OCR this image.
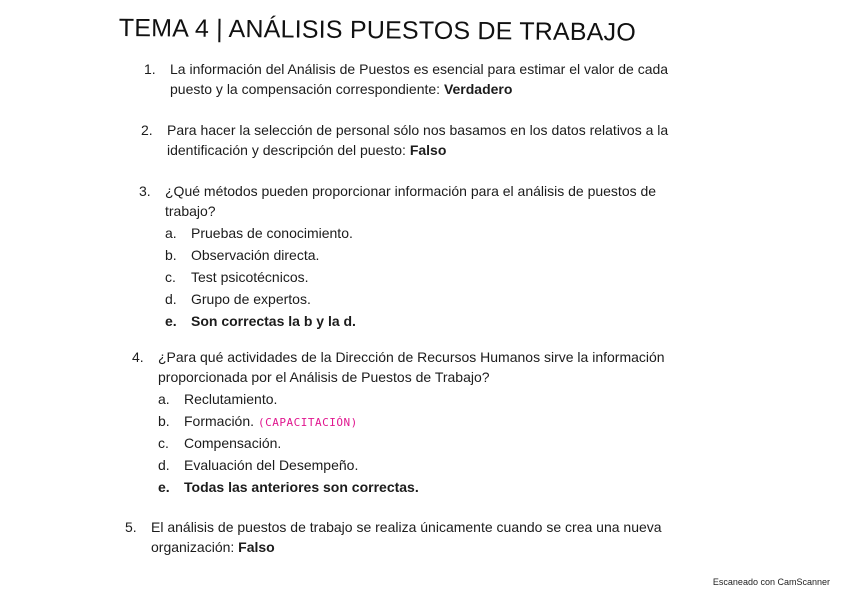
TEMA 4 | ANÁLISIS PUESTOS DE TRABAJO
1. La información del Análisis de Puestos es esencial para estimar el valor de cada
puesto y la compensación correspondiente: Verdadero
2. Para hacer la selección de personal sólo nos basamos en los datos relativos a la
identificación y descripción del puesto: Falso
3. ¿Qué métodos pueden proporcionar información para el análisis de puestos de
trabajo?
a. Pruebas de conocimiento.
b. Observación directa.
c. Test psicotécnicos.
d. Grupo de expertos.
e. Son correctas la b y la d.
4. ¿Para qué actividades de la Dirección de Recursos Humanos sirve la información
proporcionada por el Análisis de Puestos de Trabajo?
a. Reclutamiento.
b. Formación. (CAPACITACIÓN)
c. Compensación.
d. Evaluación del Desempeño.
e. Todas las anteriores son correctas.
5. El análisis de puestos de trabajo se realiza únicamente cuando se crea una nueva
organización: Falso
Escaneado con CamScanner
